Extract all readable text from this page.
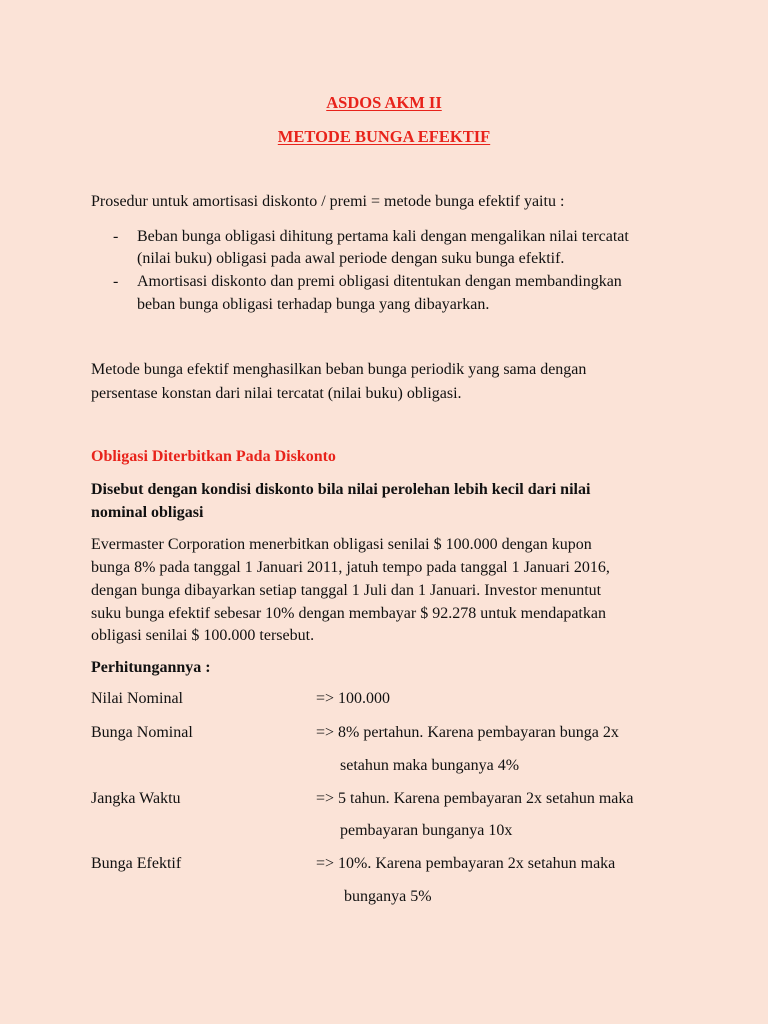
ASDOS AKM II

METODE BUNGA EFEKTIF

Prosedur untuk amortisasi diskonto / premi = metode bunga efektif yaitu :

- Beban bunga obligasi dihitung pertama kali dengan mengalikan nilai tercatat

(nilai buku) obligasi pada awal periode dengan suku bunga efektif.

- Amortisasi diskonto dan premi obligasi ditentukan dengan membandingkan

beban bunga obligasi terhadap bunga yang dibayarkan.

Metode bunga efektif menghasilkan beban bunga periodik yang sama dengan

persentase konstan dari nilai tercatat (nilai buku) obligasi.

Obligasi Diterbitkan Pada Diskonto

Disebut dengan kondisi diskonto bila nilai perolehan lebih kecil dari nilai

nominal obligasi

Evermaster Corporation menerbitkan obligasi senilai $ 100.000 dengan kupon

bunga 8% pada tanggal 1 Januari 2011, jatuh tempo pada tanggal 1 Januari 2016,

dengan bunga dibayarkan setiap tanggal 1 Juli dan 1 Januari. Investor menuntut

suku bunga efektif sebesar 10% dengan membayar $ 92.278 untuk mendapatkan

obligasi senilai $ 100.000 tersebut.

Perhitungannya :

Nilai Nominal	=> 100.000

Bunga Nominal	=> 8% pertahun. Karena pembayaran bunga 2x

setahun maka bunganya 4%

Jangka Waktu	=> 5 tahun. Karena pembayaran 2x setahun maka

pembayaran bunganya 10x

Bunga Efektif	=> 10%. Karena pembayaran 2x setahun maka

bunganya 5%
